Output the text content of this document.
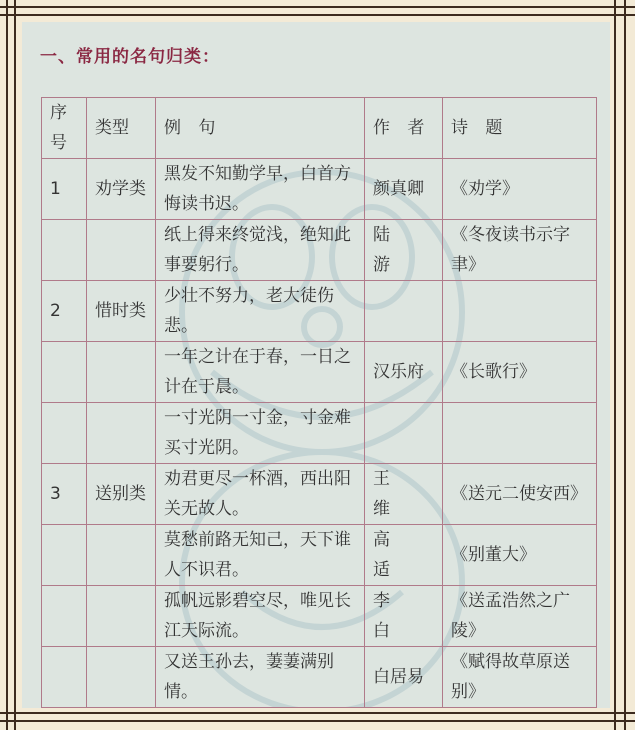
一、常用的名句归类：
序号	类型	例 句	作 者	诗 题
1	劝学类	黑发不知勤学早，白首方悔读书迟。	颜真卿	《劝学》
		纸上得来终觉浅，绝知此事要躬行。	陆 游	《冬夜读书示字聿》
2	惜时类	少壮不努力，老大徒伤悲。		
		一年之计在于春，一日之计在于晨。	汉乐府	《长歌行》
		一寸光阴一寸金，寸金难买寸光阴。		
3	送别类	劝君更尽一杯酒，西出阳关无故人。	王 维	《送元二使安西》
		莫愁前路无知己，天下谁人不识君。	高 适	《别董大》
		孤帆远影碧空尽，唯见长江天际流。	李 白	《送孟浩然之广陵》
		又送王孙去，萋萋满别情。	白居易	《赋得故草原送别》
